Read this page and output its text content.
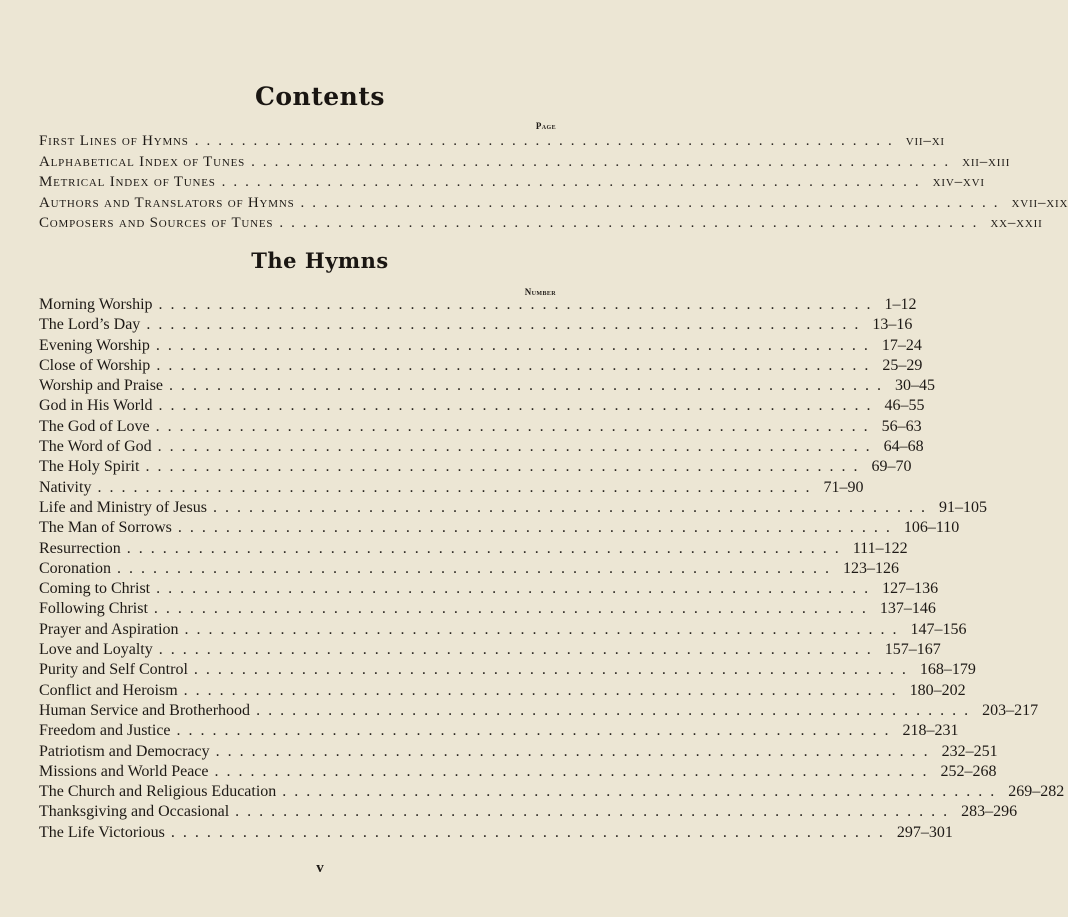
Contents
Page
First Lines of Hymns ............................................................ vii–xi
Alphabetical Index of Tunes ............................................................ xii–xiii
Metrical Index of Tunes ............................................................ xiv–xvi
Authors and Translators of Hymns ............................................................ xvii–xix
Composers and Sources of Tunes ............................................................ xx–xxii
The Hymns
Number
Morning Worship ............................................................ 1–12
The Lord’s Day ............................................................ 13–16
Evening Worship ............................................................ 17–24
Close of Worship ............................................................ 25–29
Worship and Praise ............................................................ 30–45
God in His World ............................................................ 46–55
The God of Love ............................................................ 56–63
The Word of God ............................................................ 64–68
The Holy Spirit ............................................................ 69–70
Nativity ............................................................ 71–90
Life and Ministry of Jesus ............................................................ 91–105
The Man of Sorrows ............................................................ 106–110
Resurrection ............................................................ 111–122
Coronation ............................................................ 123–126
Coming to Christ ............................................................ 127–136
Following Christ ............................................................ 137–146
Prayer and Aspiration ............................................................ 147–156
Love and Loyalty ............................................................ 157–167
Purity and Self Control ............................................................ 168–179
Conflict and Heroism ............................................................ 180–202
Human Service and Brotherhood ............................................................ 203–217
Freedom and Justice ............................................................ 218–231
Patriotism and Democracy ............................................................ 232–251
Missions and World Peace ............................................................ 252–268
The Church and Religious Education ............................................................ 269–282
Thanksgiving and Occasional ............................................................ 283–296
The Life Victorious ............................................................ 297–301
v
